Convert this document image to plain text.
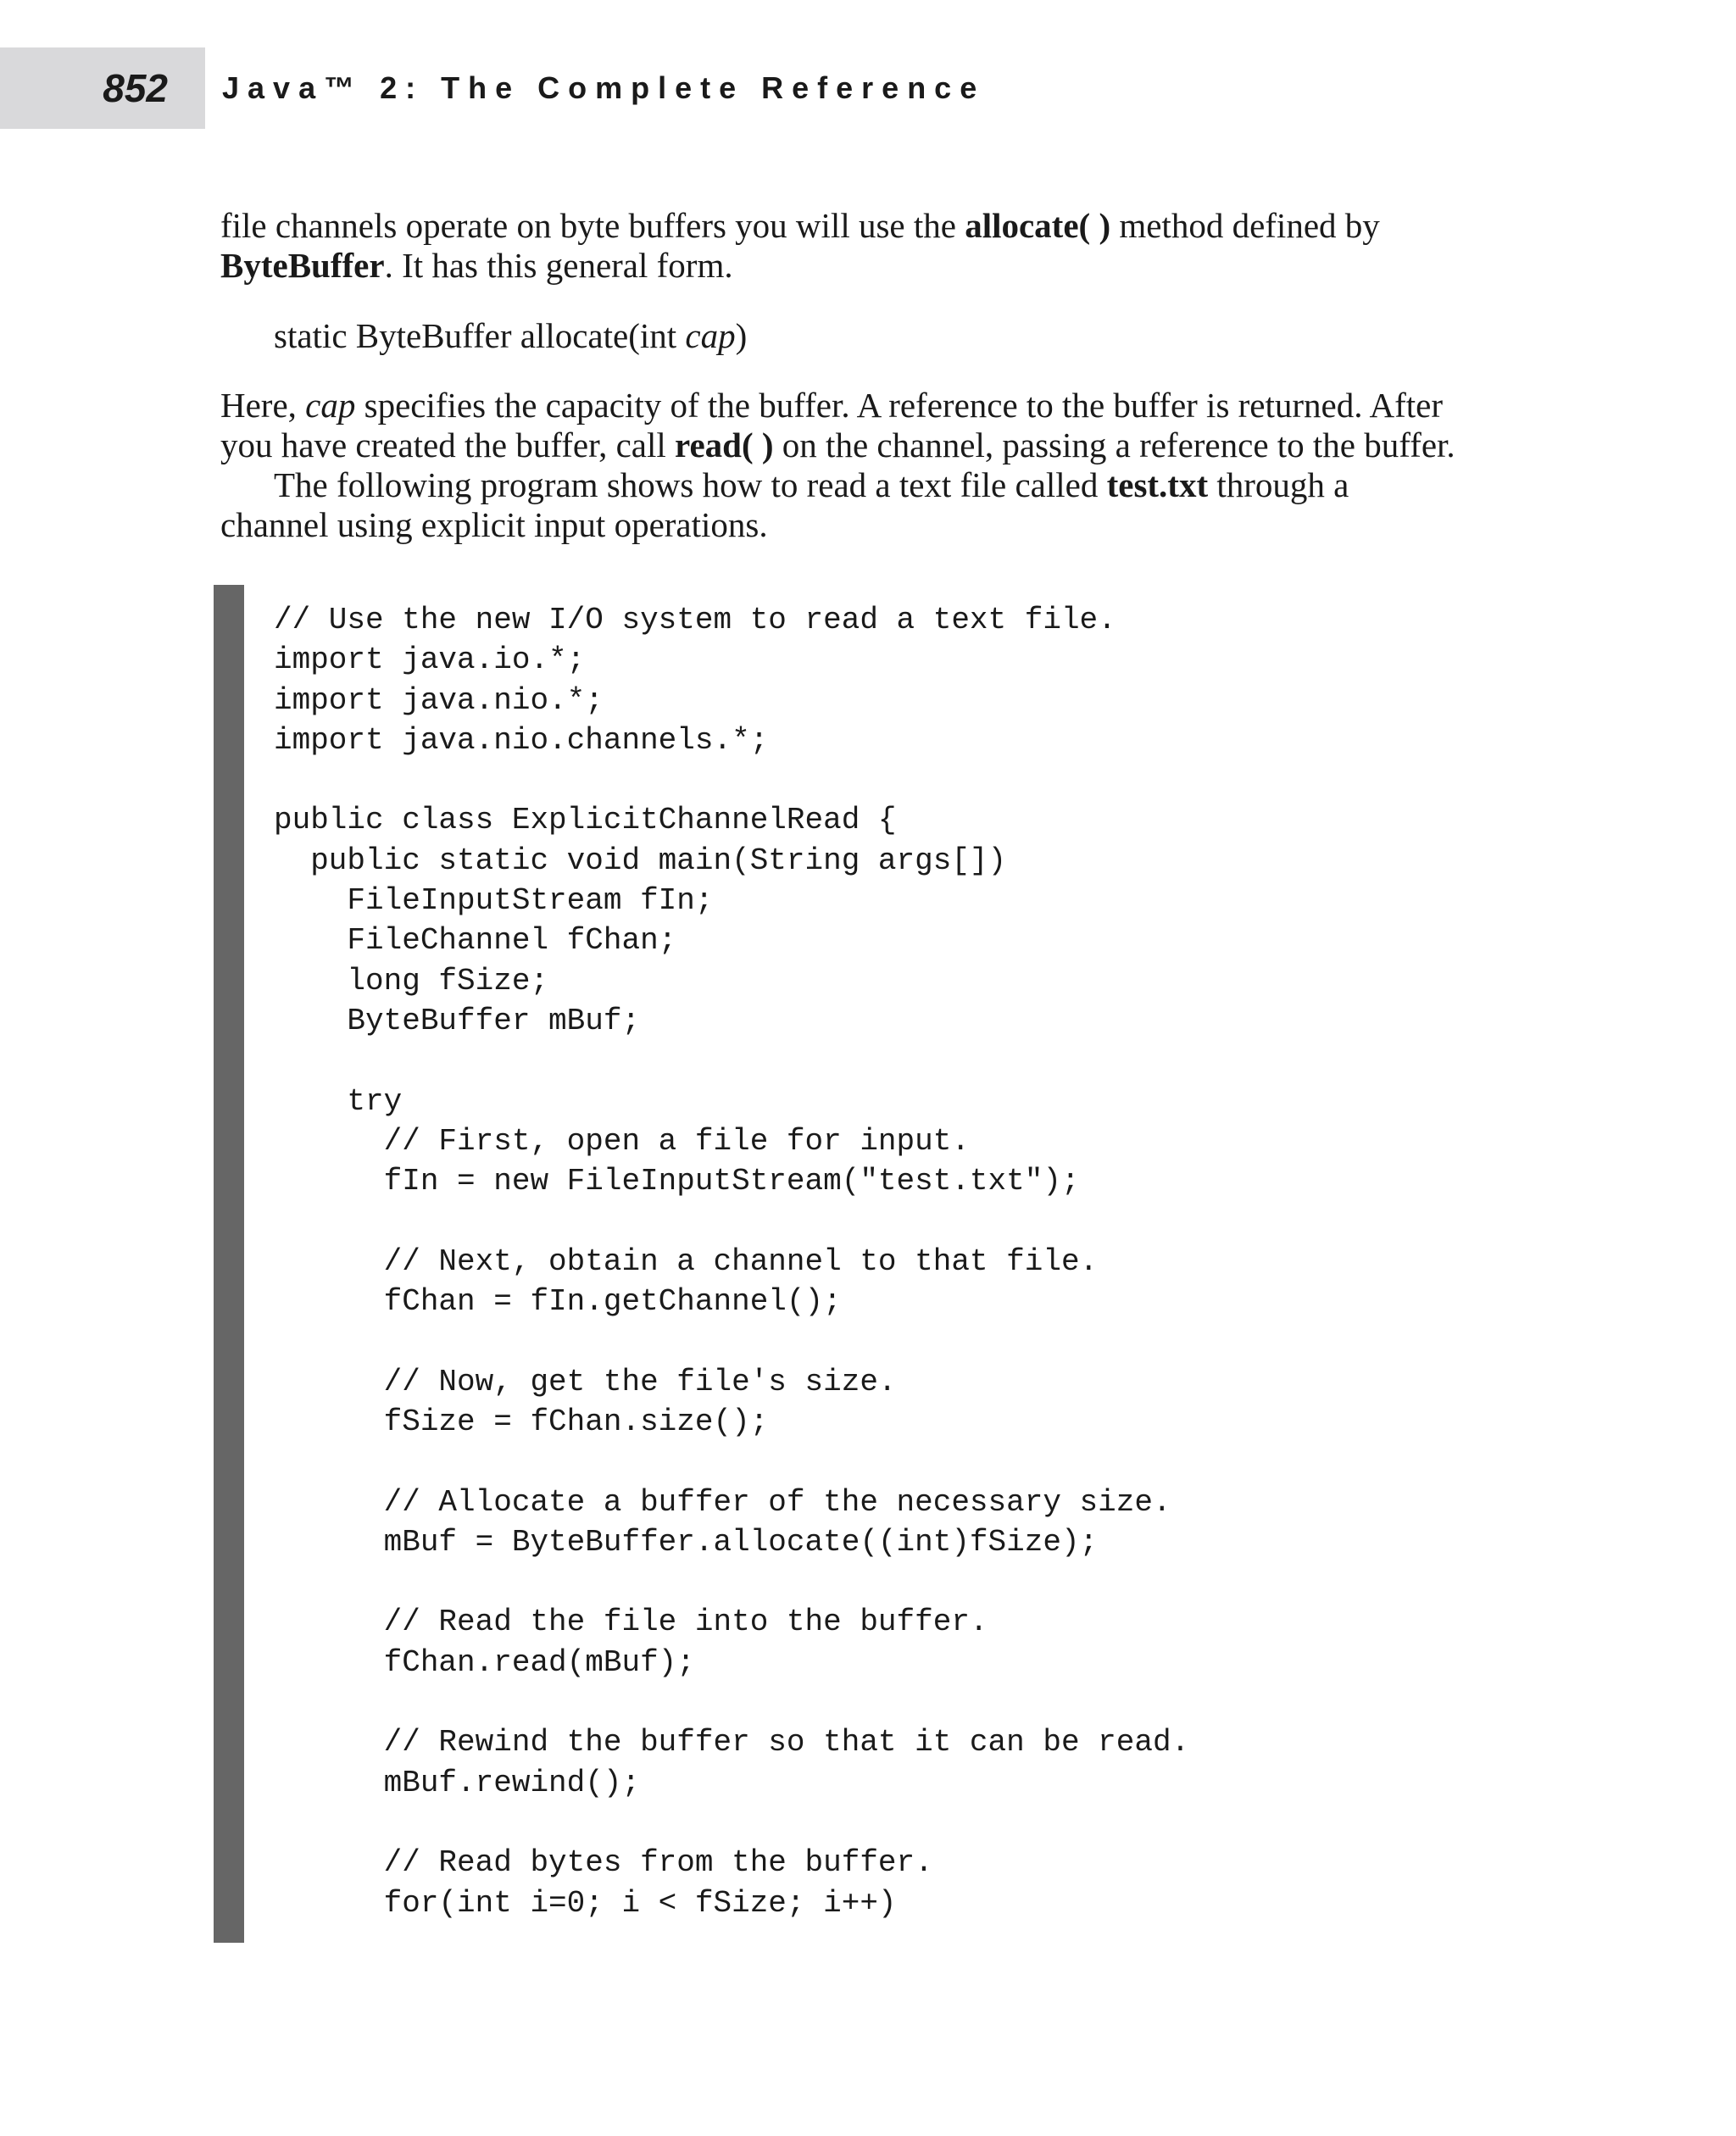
852 Java™ 2: The Complete Reference
file channels operate on byte buffers you will use the allocate( ) method defined by
ByteBuffer. It has this general form.
static ByteBuffer allocate(int cap)
Here, cap specifies the capacity of the buffer. A reference to the buffer is returned. After
you have created the buffer, call read( ) on the channel, passing a reference to the buffer.
The following program shows how to read a text file called test.txt through a
channel using explicit input operations.
// Use the new I/O system to read a text file.
import java.io.*;
import java.nio.*;
import java.nio.channels.*;
public class ExplicitChannelRead {
public static void main(String args[])
FileInputStream fIn;
FileChannel fChan;
long fSize;
ByteBuffer mBuf;
try
// First, open a file for input.
fIn = new FileInputStream("test.txt");
// Next, obtain a channel to that file.
fChan = fIn.getChannel();
// Now, get the file's size.
fSize = fChan.size();
// Allocate a buffer of the necessary size.
mBuf = ByteBuffer.allocate((int)fSize);
// Read the file into the buffer.
fChan.read(mBuf);
// Rewind the buffer so that it can be read.
mBuf.rewind();
// Read bytes from the buffer.
for(int i=0; i < fSize; i++)
